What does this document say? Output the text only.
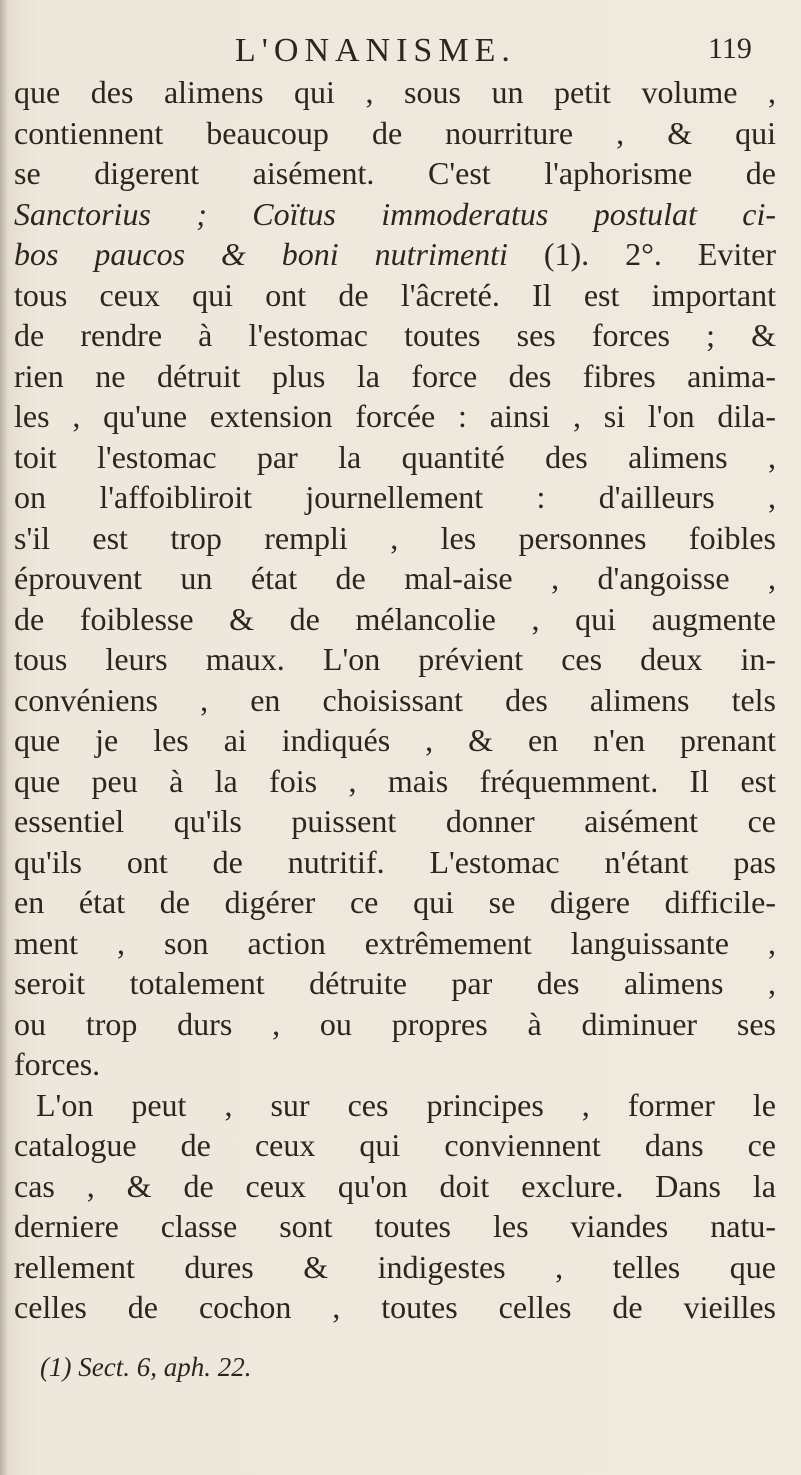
L'ONANISME.	119
que des alimens qui , sous un petit volume ,
contiennent beaucoup de nourriture , & qui
se digerent aisément. C'est l'aphorisme de
Sanctorius ; Coïtus immoderatus postulat ci-
bos paucos & boni nutrimenti (1). 2°. Eviter
tous ceux qui ont de l'âcreté. Il est important
de rendre à l'estomac toutes ses forces ; &
rien ne détruit plus la force des fibres anima-
les , qu'une extension forcée : ainsi , si l'on dila-
toit l'estomac par la quantité des alimens ,
on l'affoibliroit journellement : d'ailleurs ,
s'il est trop rempli , les personnes foibles
éprouvent un état de mal-aise , d'angoisse ,
de foiblesse & de mélancolie , qui augmente
tous leurs maux. L'on prévient ces deux in-
convéniens , en choisissant des alimens tels
que je les ai indiqués , & en n'en prenant
que peu à la fois , mais fréquemment. Il est
essentiel qu'ils puissent donner aisément ce
qu'ils ont de nutritif. L'estomac n'étant pas
en état de digérer ce qui se digere difficile-
ment , son action extrêmement languissante ,
seroit totalement détruite par des alimens ,
ou trop durs , ou propres à diminuer ses
forces.
L'on peut , sur ces principes , former le
catalogue de ceux qui conviennent dans ce
cas , & de ceux qu'on doit exclure. Dans la
derniere classe sont toutes les viandes natu-
rellement dures & indigestes , telles que
celles de cochon , toutes celles de vieilles
(1) Sect. 6, aph. 22.
